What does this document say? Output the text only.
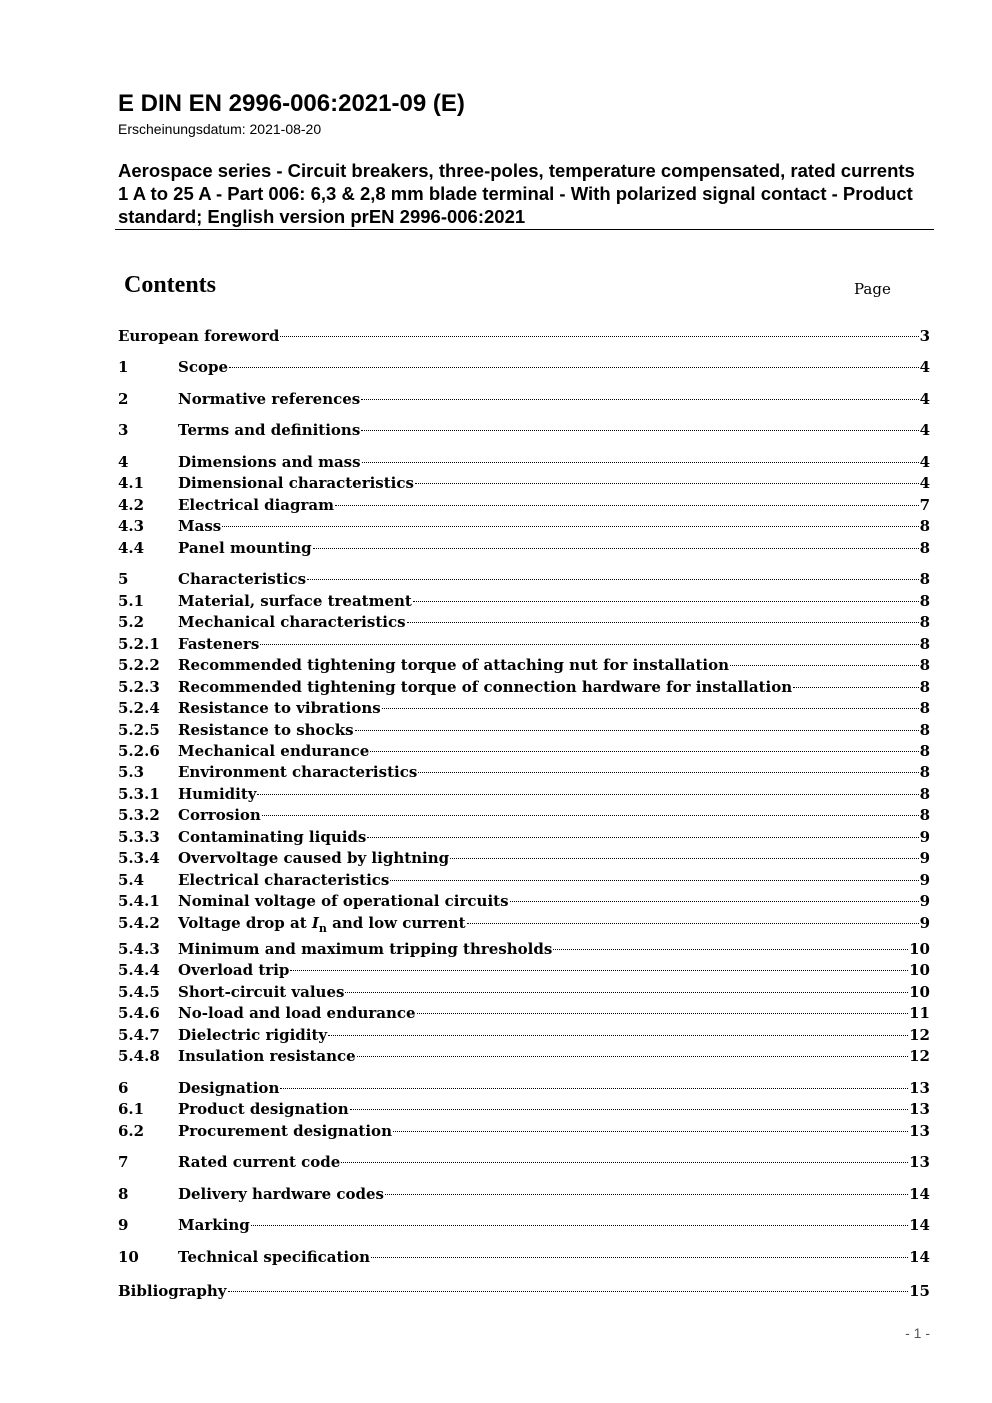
E DIN EN 2996-006:2021-09 (E)
Erscheinungsdatum: 2021-08-20
Aerospace series - Circuit breakers, three-poles, temperature compensated, rated currents 1 A to 25 A - Part 006: 6,3 & 2,8 mm blade terminal - With polarized signal contact - Product standard; English version prEN 2996-006:2021
Contents	Page
European foreword	3
1	Scope	4
2	Normative references	4
3	Terms and definitions	4
4	Dimensions and mass	4
4.1	Dimensional characteristics	4
4.2	Electrical diagram	7
4.3	Mass	8
4.4	Panel mounting	8
5	Characteristics	8
5.1	Material, surface treatment	8
5.2	Mechanical characteristics	8
5.2.1	Fasteners	8
5.2.2	Recommended tightening torque of attaching nut for installation	8
5.2.3	Recommended tightening torque of connection hardware for installation	8
5.2.4	Resistance to vibrations	8
5.2.5	Resistance to shocks	8
5.2.6	Mechanical endurance	8
5.3	Environment characteristics	8
5.3.1	Humidity	8
5.3.2	Corrosion	8
5.3.3	Contaminating liquids	9
5.3.4	Overvoltage caused by lightning	9
5.4	Electrical characteristics	9
5.4.1	Nominal voltage of operational circuits	9
5.4.2	Voltage drop at $I_n$ and low current	9
5.4.3	Minimum and maximum tripping thresholds	10
5.4.4	Overload trip	10
5.4.5	Short-circuit values	10
5.4.6	No-load and load endurance	11
5.4.7	Dielectric rigidity	12
5.4.8	Insulation resistance	12
6	Designation	13
6.1	Product designation	13
6.2	Procurement designation	13
7	Rated current code	13
8	Delivery hardware codes	14
9	Marking	14
10	Technical specification	14
Bibliography	15
- 1 -
